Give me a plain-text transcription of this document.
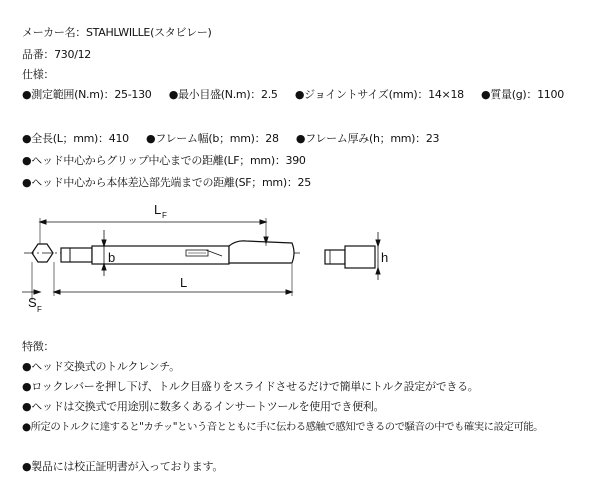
メーカー名：STAHLWILLE(スタビレー)
品番：730/12
仕様：
●測定範囲(N.m)：25-130 ●最小目盛(N.m)：2.5 ●ジョイントサイズ(mm)：14×18 ●質量(g)：1100
●全長(L；mm)：410 ●フレーム幅(b；mm)：28 ●フレーム厚み(h；mm)：23
●ヘッド中心からグリップ中心までの距離(LF；mm)：390
●ヘッド中心から本体差込部先端までの距離(SF；mm)：25
L F
b
L
h
S F
特徴：
●ヘッド交換式のトルクレンチ。
●ロックレバーを押し下げ、トルク目盛りをスライドさせるだけで簡単にトルク設定ができる。
●ヘッドは交換式で用途別に数多くあるインサートツールを使用でき便利。
●所定のトルクに達すると"カチッ"という音とともに手に伝わる感触で感知できるので騒音の中でも確実に設定可能。
●製品には校正証明書が入っております。
